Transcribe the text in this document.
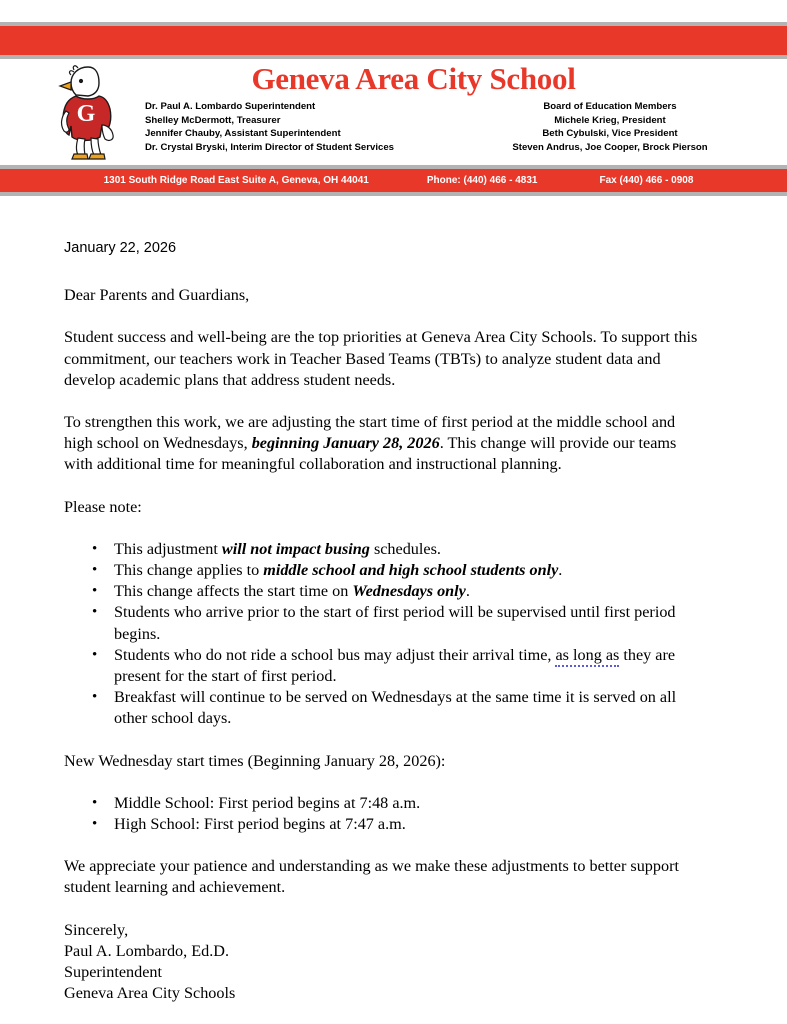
G
Geneva Area City School
Dr. Paul A. Lombardo Superintendent
Shelley McDermott, Treasurer
Jennifer Chauby, Assistant Superintendent
Dr. Crystal Bryski, Interim Director of Student Services
Board of Education Members
Michele Krieg, President
Beth Cybulski, Vice President
Steven Andrus, Joe Cooper, Brock Pierson
1301 South Ridge Road East Suite A, Geneva, OH 44041	Phone: (440) 466 - 4831	Fax (440) 466 - 0908
January 22, 2026

Dear Parents and Guardians,

Student success and well-being are the top priorities at Geneva Area City Schools. To support this commitment, our teachers work in Teacher Based Teams (TBTs) to analyze student data and develop academic plans that address student needs.

To strengthen this work, we are adjusting the start time of first period at the middle school and high school on Wednesdays, beginning January 28, 2026. This change will provide our teams with additional time for meaningful collaboration and instructional planning.

Please note:

• This adjustment will not impact busing schedules.
• This change applies to middle school and high school students only.
• This change affects the start time on Wednesdays only.
• Students who arrive prior to the start of first period will be supervised until first period begins.
• Students who do not ride a school bus may adjust their arrival time, as long as they are present for the start of first period.
• Breakfast will continue to be served on Wednesdays at the same time it is served on all other school days.

New Wednesday start times (Beginning January 28, 2026):

• Middle School: First period begins at 7:48 a.m.
• High School: First period begins at 7:47 a.m.

We appreciate your patience and understanding as we make these adjustments to better support student learning and achievement.

Sincerely,
Paul A. Lombardo, Ed.D.
Superintendent
Geneva Area City Schools
